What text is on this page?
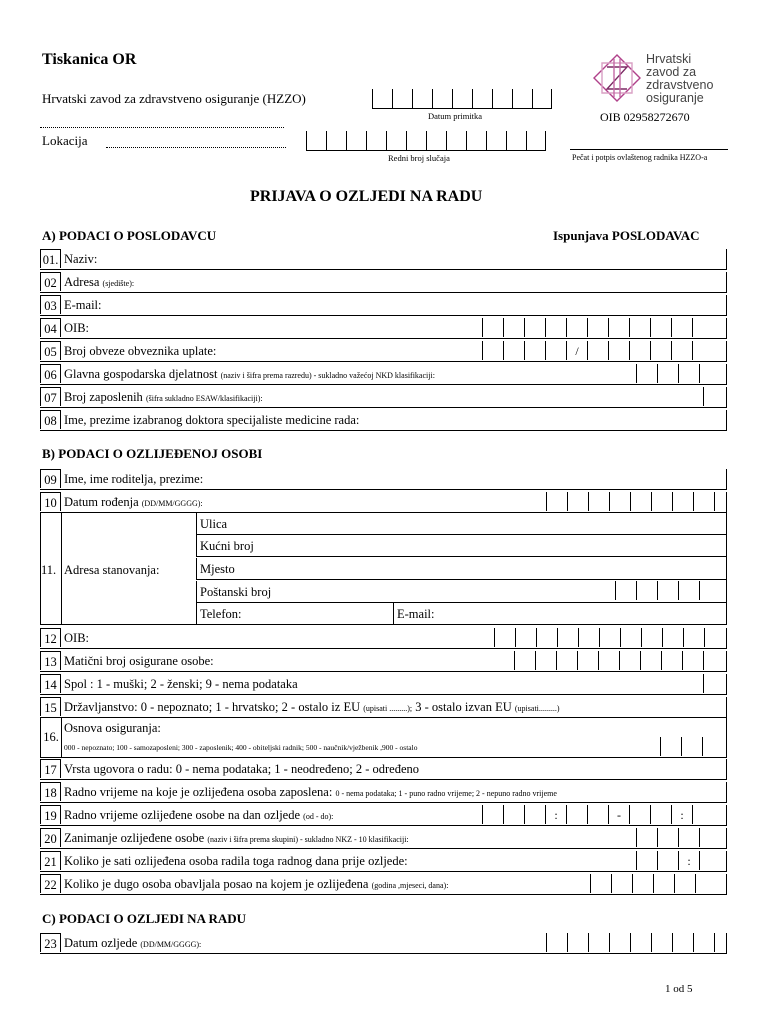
Tiskanica OR
Hrvatski zavod za zdravstveno osiguranje (HZZO)
Lokacija
Datum primitka
Redni broj slučaja
Hrvatski
zavod za
zdravstveno
osiguranje
OIB 02958272670
Pečat i potpis ovlaštenog radnika HZZO-a
PRIJAVA O OZLJEDI NA RADU
A) PODACI O POSLODAVCU	Ispunjava POSLODAVAC
01. Naziv:
02 Adresa (sjedište):
03 E-mail:
04 OIB:
05 Broj obveze obveznika uplate:	/
06 Glavna gospodarska djelatnost (naziv i šifra prema razredu) - sukladno važećoj NKD klasifikaciji:
07 Broj zaposlenih (šifra sukladno ESAW/klasifikaciji):
08 Ime, prezime izabranog doktora specijaliste medicine rada:
B) PODACI O OZLIJEĐENOJ OSOBI
09 Ime, ime roditelja, prezime:
10 Datum rođenja (DD/MM/GGGG):
11. Adresa stanovanja:
Ulica
Kućni broj
Mjesto
Poštanski broj
Telefon:	E-mail:
12 OIB:
13 Matični broj osigurane osobe:
14 Spol : 1 - muški; 2 - ženski; 9 - nema podataka
15 Državljanstvo: 0 - nepoznato; 1 - hrvatsko; 2 - ostalo iz EU (upisati .........); 3 - ostalo izvan EU (upisati.........)
16.
Osnova osiguranja:
000 - nepoznato; 100 - samozaposleni; 300 - zaposlenik; 400 - obiteljski radnik; 500 - naučnik/vježbenik ,900 - ostalo
17 Vrsta ugovora o radu: 0 - nema podataka; 1 - neodređeno; 2 - određeno
18 Radno vrijeme na koje je ozlijeđena osoba zaposlena: 0 - nema podataka; 1 - puno radno vrijeme; 2 - nepuno radno vrijeme
19 Radno vrijeme ozlijeđene osobe na dan ozljede (od - do):	:	-	:
20 Zanimanje ozlijeđene osobe (naziv i šifra prema skupini) - sukladno NKZ - 10 klasifikaciji:
21 Koliko je sati ozlijeđena osoba radila toga radnog dana prije ozljede:	:
22 Koliko je dugo osoba obavljala posao na kojem je ozlijeđena (godina ,mjeseci, dana):
C) PODACI O OZLJEDI NA RADU
23 Datum ozljede (DD/MM/GGGG):
1 od 5
